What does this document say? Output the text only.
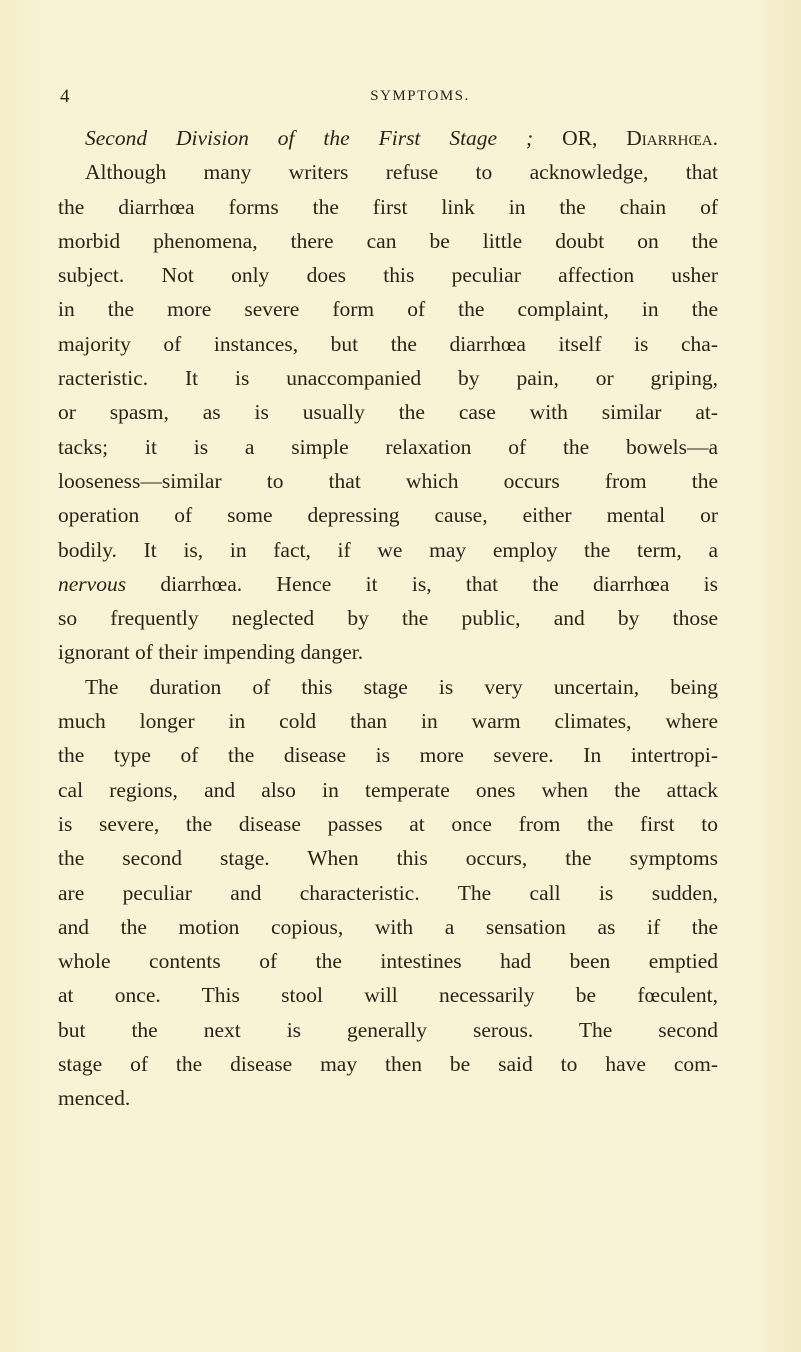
4	SYMPTOMS.
Second Division of the First Stage ; OR, Diarrhœa.
Although many writers refuse to acknowledge, that
the diarrhœa forms the first link in the chain of
morbid phenomena, there can be little doubt on the
subject. Not only does this peculiar affection usher
in the more severe form of the complaint, in the
majority of instances, but the diarrhœa itself is cha-
racteristic. It is unaccompanied by pain, or griping,
or spasm, as is usually the case with similar at-
tacks; it is a simple relaxation of the bowels—a
looseness—similar to that which occurs from the
operation of some depressing cause, either mental or
bodily. It is, in fact, if we may employ the term, a
nervous diarrhœa. Hence it is, that the diarrhœa is
so frequently neglected by the public, and by those
ignorant of their impending danger.
The duration of this stage is very uncertain, being
much longer in cold than in warm climates, where
the type of the disease is more severe. In intertropi-
cal regions, and also in temperate ones when the attack
is severe, the disease passes at once from the first to
the second stage. When this occurs, the symptoms
are peculiar and characteristic. The call is sudden,
and the motion copious, with a sensation as if the
whole contents of the intestines had been emptied
at once. This stool will necessarily be fœculent,
but the next is generally serous. The second
stage of the disease may then be said to have com-
menced.
